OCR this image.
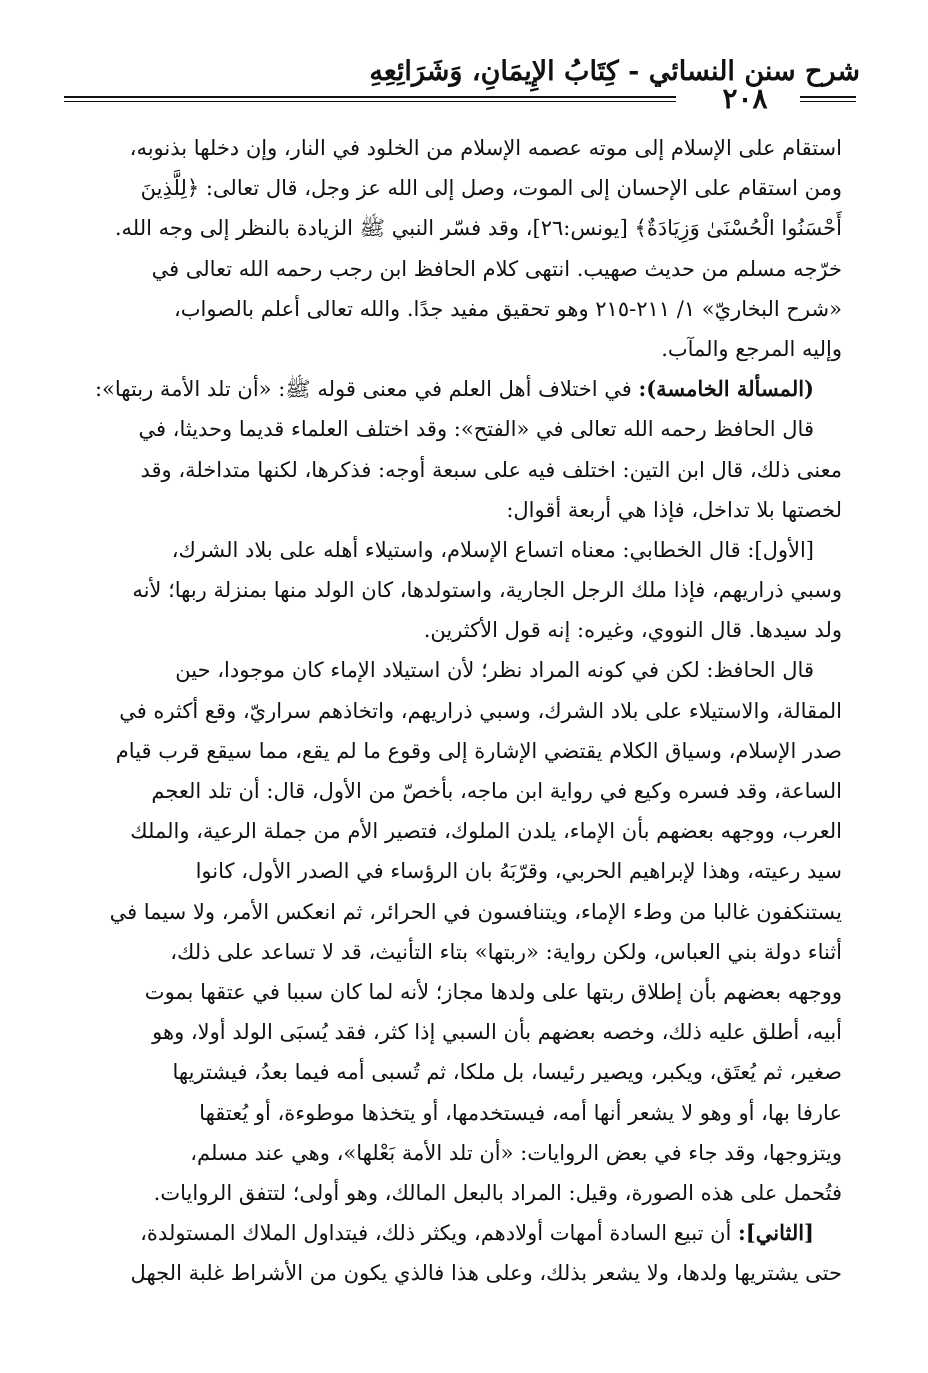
شرح سنن النسائي - كِتَابُ الإِيمَانِ، وَشَرَائِعِهِ
٢٠٨
استقام على الإسلام إلى موته عصمه الإسلام من الخلود في النار، وإن دخلها بذنوبه،
ومن استقام على الإحسان إلى الموت، وصل إلى الله عز وجل، قال تعالى: ﴿لِلَّذِينَ
أَحْسَنُوا الْحُسْنَىٰ وَزِيَادَةٌ﴾ [يونس:٢٦]، وقد فسّر النبي ﷺ الزيادة بالنظر إلى وجه الله.
خرّجه مسلم من حديث صهيب. انتهى كلام الحافظ ابن رجب رحمه الله تعالى في
«شرح البخاريّ» ١/ ٢١١-٢١٥ وهو تحقيق مفيد جدًا. والله تعالى أعلم بالصواب،
وإليه المرجع والمآب.
(المسألة الخامسة): في اختلاف أهل العلم في معنى قوله ﷺ: «أن تلد الأمة ربتها»:
قال الحافظ رحمه الله تعالى في «الفتح»: وقد اختلف العلماء قديما وحديثا، في
معنى ذلك، قال ابن التين: اختلف فيه على سبعة أوجه: فذكرها، لكنها متداخلة، وقد
لخصتها بلا تداخل، فإذا هي أربعة أقوال:
[الأول]: قال الخطابي: معناه اتساع الإسلام، واستيلاء أهله على بلاد الشرك،
وسبي ذراريهم، فإذا ملك الرجل الجارية، واستولدها، كان الولد منها بمنزلة ربها؛ لأنه
ولد سيدها. قال النووي، وغيره: إنه قول الأكثرين.
قال الحافظ: لكن في كونه المراد نظر؛ لأن استيلاد الإماء كان موجودا، حين
المقالة، والاستيلاء على بلاد الشرك، وسبي ذراريهم، واتخاذهم سراريّ، وقع أكثره في
صدر الإسلام، وسياق الكلام يقتضي الإشارة إلى وقوع ما لم يقع، مما سيقع قرب قيام
الساعة، وقد فسره وكيع في رواية ابن ماجه، بأخصّ من الأول، قال: أن تلد العجم
العرب، ووجهه بعضهم بأن الإماء، يلدن الملوك، فتصير الأم من جملة الرعية، والملك
سيد رعيته، وهذا لإبراهيم الحربي، وقرّبَهُ بان الرؤساء في الصدر الأول، كانوا
يستنكفون غالبا من وطء الإماء، ويتنافسون في الحرائر، ثم انعكس الأمر، ولا سيما في
أثناء دولة بني العباس، ولكن رواية: «ربتها» بتاء التأنيث، قد لا تساعد على ذلك،
ووجهه بعضهم بأن إطلاق ربتها على ولدها مجاز؛ لأنه لما كان سببا في عتقها بموت
أبيه، أطلق عليه ذلك، وخصه بعضهم بأن السبي إذا كثر، فقد يُسبَى الولد أولا، وهو
صغير، ثم يُعتَق، ويكبر، ويصير رئيسا، بل ملكا، ثم تُسبى أمه فيما بعدُ، فيشتريها
عارفا بها، أو وهو لا يشعر أنها أمه، فيستخدمها، أو يتخذها موطوءة، أو يُعتقها
ويتزوجها، وقد جاء في بعض الروايات: «أن تلد الأمة بَعْلها»، وهي عند مسلم،
فتُحمل على هذه الصورة، وقيل: المراد بالبعل المالك، وهو أولى؛ لتتفق الروايات.
[الثاني]: أن تبيع السادة أمهات أولادهم، ويكثر ذلك، فيتداول الملاك المستولدة،
حتى يشتريها ولدها، ولا يشعر بذلك، وعلى هذا فالذي يكون من الأشراط غلبة الجهل
